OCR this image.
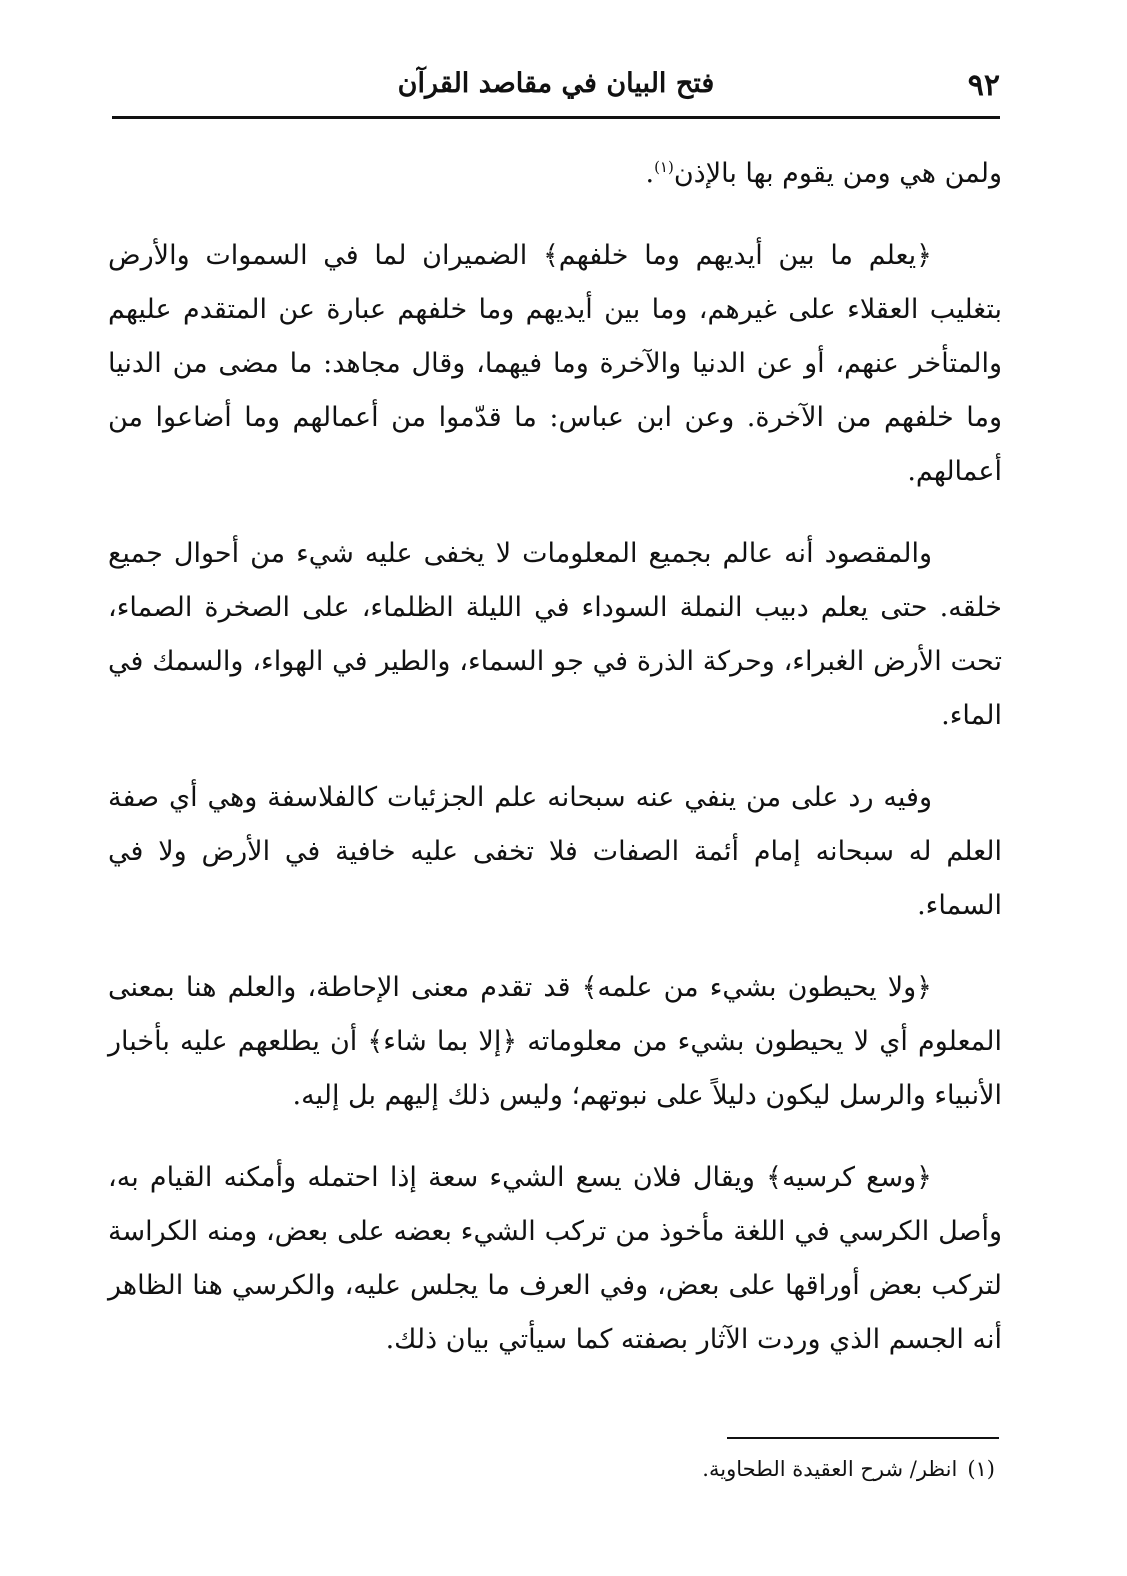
٩٢
فتح البيان في مقاصد القرآن

ولمن هي ومن يقوم بها بالإذن$^{(١)}$.

﴿يعلم ما بين أيديهم وما خلفهم﴾ الضميران لما في السموات والأرض بتغليب العقلاء على غيرهم، وما بين أيديهم وما خلفهم عبارة عن المتقدم عليهم والمتأخر عنهم، أو عن الدنيا والآخرة وما فيهما، وقال مجاهد: ما مضى من الدنيا وما خلفهم من الآخرة. وعن ابن عباس: ما قدّموا من أعمالهم وما أضاعوا من أعمالهم.

والمقصود أنه عالم بجميع المعلومات لا يخفى عليه شيء من أحوال جميع خلقه. حتى يعلم دبيب النملة السوداء في الليلة الظلماء، على الصخرة الصماء، تحت الأرض الغبراء، وحركة الذرة في جو السماء، والطير في الهواء، والسمك في الماء.

وفيه رد على من ينفي عنه سبحانه علم الجزئيات كالفلاسفة وهي أي صفة العلم له سبحانه إمام أئمة الصفات فلا تخفى عليه خافية في الأرض ولا في السماء.

﴿ولا يحيطون بشيء من علمه﴾ قد تقدم معنى الإحاطة، والعلم هنا بمعنى المعلوم أي لا يحيطون بشيء من معلوماته ﴿إلا بما شاء﴾ أن يطلعهم عليه بأخبار الأنبياء والرسل ليكون دليلاً على نبوتهم؛ وليس ذلك إليهم بل إليه.

﴿وسع كرسيه﴾ ويقال فلان يسع الشيء سعة إذا احتمله وأمكنه القيام به، وأصل الكرسي في اللغة مأخوذ من تركب الشيء بعضه على بعض، ومنه الكراسة لتركب بعض أوراقها على بعض، وفي العرف ما يجلس عليه، والكرسي هنا الظاهر أنه الجسم الذي وردت الآثار بصفته كما سيأتي بيان ذلك.

(١)انظر/ شرح العقيدة الطحاوية.
